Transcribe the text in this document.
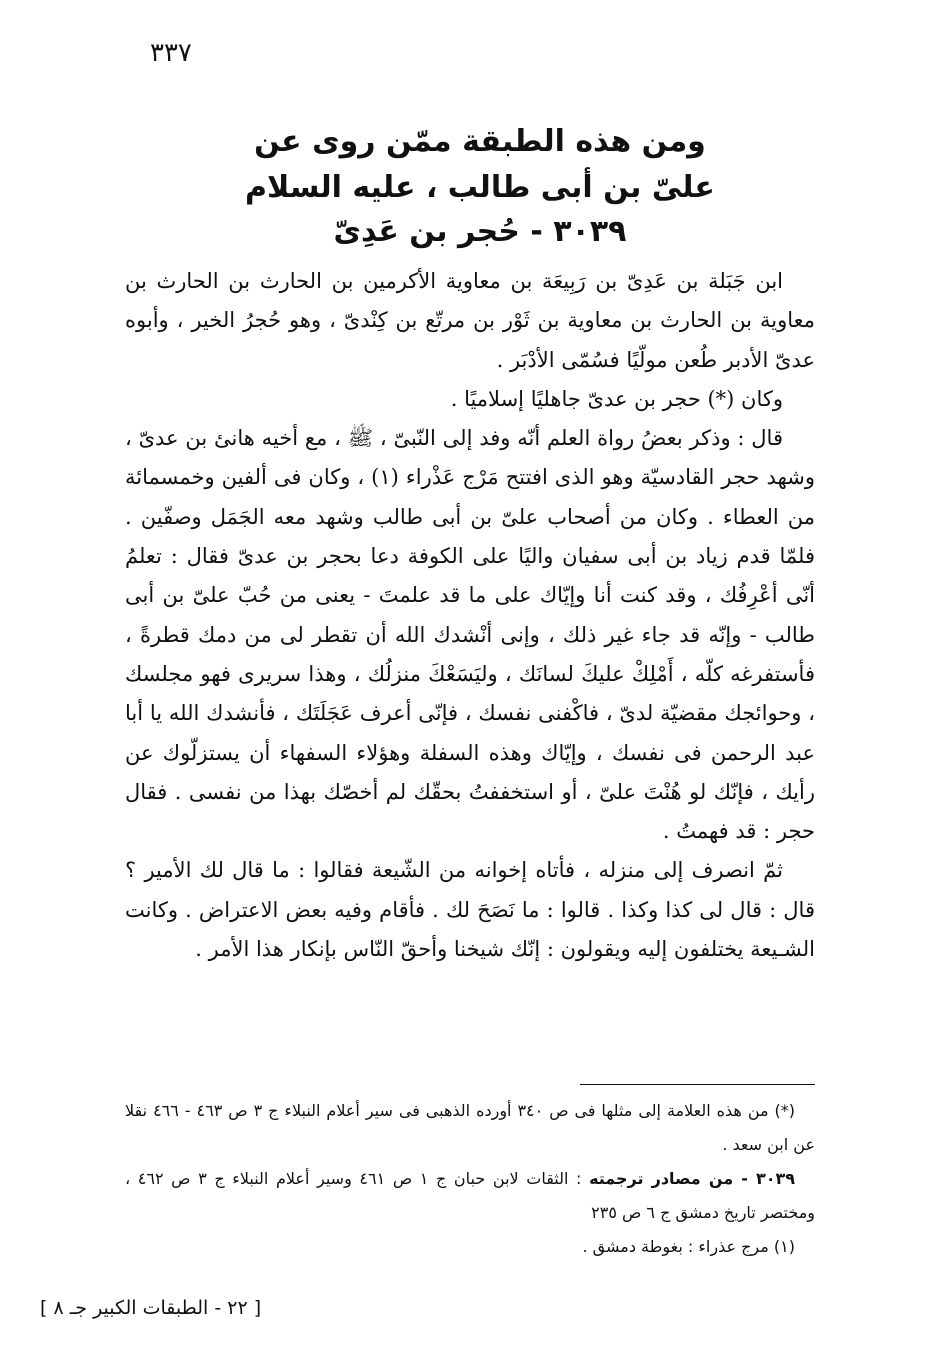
٣٣٧
ومن هذه الطبقة ممّن روى عن
علىّ بن أبى طالب ، عليه السلام
٣٠٣٩ - حُجر بن عَدِىّ

ابن جَبَلة بن عَدِىّ بن رَبِيعَة بن معاوية الأكرمين بن الحارث بن الحارث بن معاوية بن الحارث بن معاوية بن ثَوْر بن مرتّع بن كِنْدىّ ، وهو حُجرُ الخير ، وأبوه عدىّ الأدبر طُعن مولّيًا فسُمّى الأدْبَر .

وكان (*) حجر بن عدىّ جاهليًا إسلاميًا .

قال : وذكر بعضُ رواة العلم أنّه وفد إلى النّبىّ ، ﷺ ، مع أخيه هانئ بن عدىّ ، وشهد حجر القادسيّة وهو الذى افتتح مَرْج عَذْراء (١) ، وكان فى ألفين وخمسمائة من العطاء . وكان من أصحاب علىّ بن أبى طالب وشهد معه الجَمَل وصفّين . فلمّا قدم زياد بن أبى سفيان واليًا على الكوفة دعا بحجر بن عدىّ فقال : تعلمُ أنّى أعْرِفُك ، وقد كنت أنا وإيّاك على ما قد علمتَ - يعنى من حُبّ علىّ بن أبى طالب - وإنّه قد جاء غير ذلك ، وإنى أنْشدك الله أن تقطر لى من دمك قطرةً ، فأستفرغه كلّه ، أَمْلِكْ عليكَ لسانَك ، وليَسَعْكَ منزلُك ، وهذا سريرى فهو مجلسك ، وحوائجك مقضيّة لدىّ ، فاكْفنى نفسك ، فإنّى أعرف عَجَلَتَك ، فأنشدك الله يا أبا عبد الرحمن فى نفسك ، وإيّاك وهذه السفلة وهؤلاء السفهاء أن يستزلّوك عن رأيك ، فإنّك لو هُنْتَ علىّ ، أو استخففتُ بحقّك لم أخصّك بهذا من نفسى . فقال حجر : قد فهمتُ .

ثمّ انصرف إلى منزله ، فأتاه إخوانه من الشّيعة فقالوا : ما قال لك الأمير ؟ قال : قال لى كذا وكذا . قالوا : ما نَصَحَ لك . فأقام وفيه بعض الاعتراض . وكانت الشـيعة يختلفون إليه ويقولون : إنّك شيخنا وأحقّ النّاس بإنكار هذا الأمر .

(*) من هذه العلامة إلى مثلها فى ص ٣٤٠ أورده الذهبى فى سير أعلام النبلاء ج ٣ ص ٤٦٣ - ٤٦٦ نقلا عن ابن سعد .

٣٠٣٩ - من مصادر ترجمته : الثقات لابن حبان ج ١ ص ٤٦١ وسير أعلام النبلاء ج ٣ ص ٤٦٢ ، ومختصر تاريخ دمشق ج ٦ ص ٢٣٥

(١) مرج عذراء : بغوطة دمشق .

[ ٢٢ - الطبقات الكبير جـ ٨ ]
